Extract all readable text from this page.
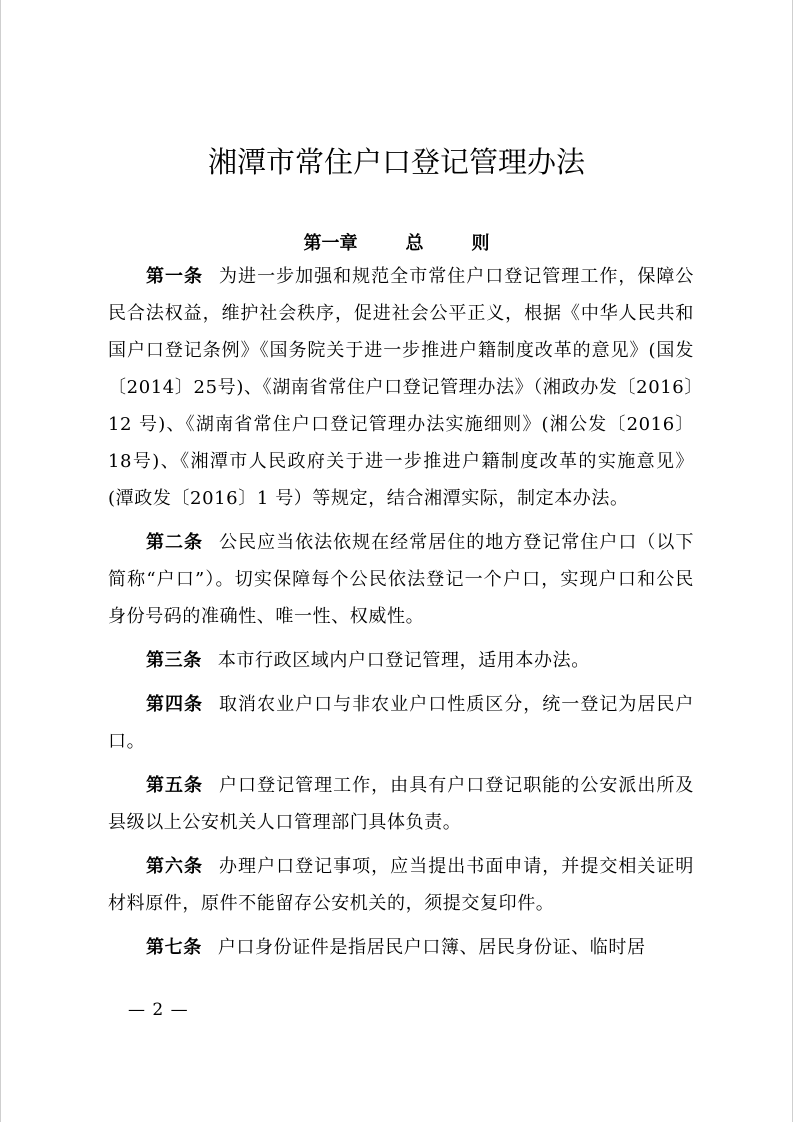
湘潭市常住户口登记管理办法
第一章	总	则

第一条 为进一步加强和规范全市常住户口登记管理工作，保障公民合法权益，维护社会秩序，促进社会公平正义，根据《中华人民共和国户口登记条例》《国务院关于进一步推进户籍制度改革的意见》(国发〔2014〕25号)、《湖南省常住户口登记管理办法》（湘政办发〔2016〕12 号)、《湖南省常住户口登记管理办法实施细则》(湘公发〔2016〕18号)、《湘潭市人民政府关于进一步推进户籍制度改革的实施意见》(潭政发〔2016〕1 号）等规定，结合湘潭实际，制定本办法。

第二条 公民应当依法依规在经常居住的地方登记常住户口（以下简称“户口”）。切实保障每个公民依法登记一个户口，实现户口和公民身份号码的准确性、唯一性、权威性。

第三条 本市行政区域内户口登记管理，适用本办法。

第四条 取消农业户口与非农业户口性质区分，统一登记为居民户口。

第五条 户口登记管理工作，由具有户口登记职能的公安派出所及县级以上公安机关人口管理部门具体负责。

第六条 办理户口登记事项，应当提出书面申请，并提交相关证明材料原件，原件不能留存公安机关的，须提交复印件。

第七条 户口身份证件是指居民户口簿、居民身份证、临时居

— 2 —
